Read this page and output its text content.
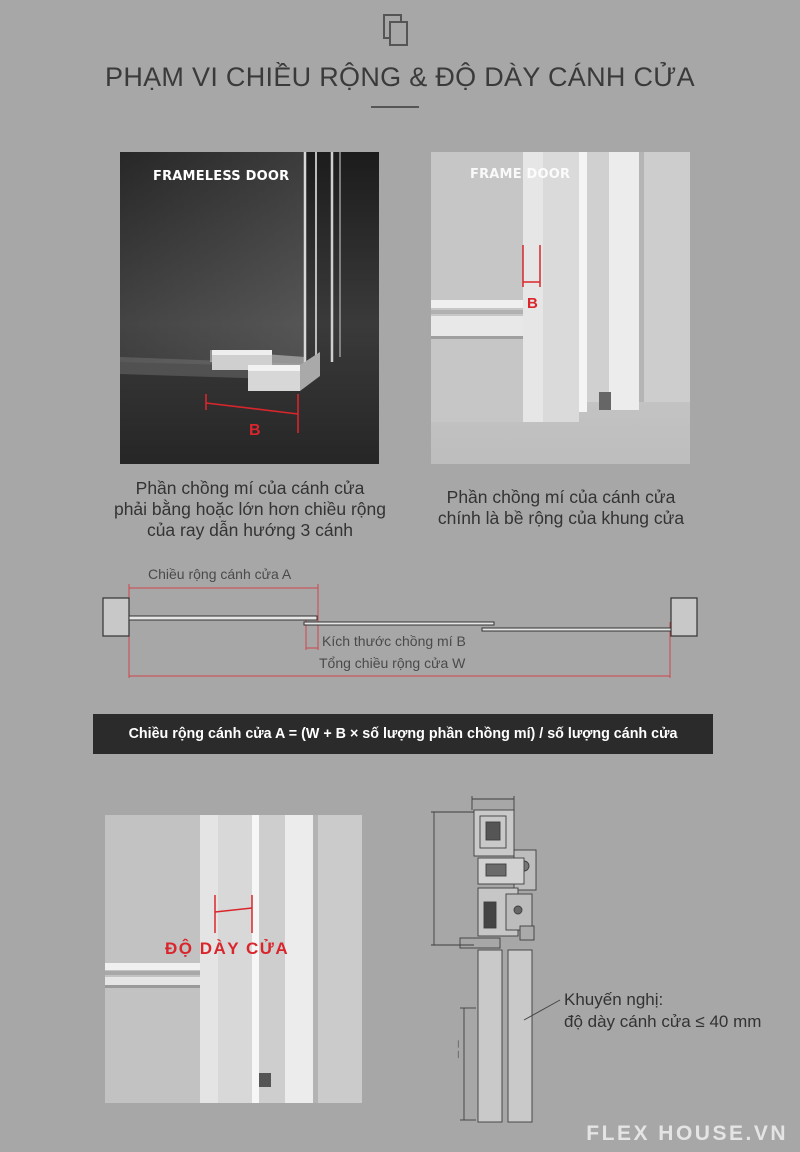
PHẠM VI CHIỀU RỘNG & ĐỘ DÀY CÁNH CỬA
FRAMELESS DOOR
B
Phần chồng mí của cánh cửa
phải bằng hoặc lớn hơn chiều rộng
của ray dẫn hướng 3 cánh
FRAME DOOR
B
Phần chồng mí của cánh cửa
chính là bề rộng của khung cửa
Chiều rộng cánh cửa A
Kích thước chồng mí B
Tổng chiều rộng cửa W
Chiều rộng cánh cửa A = (W + B × số lượng phần chồng mí) / số lượng cánh cửa
ĐỘ DÀY CỬA
— —
Khuyến nghị:
độ dày cánh cửa ≤ 40 mm
FLEX HOUSE.VN
